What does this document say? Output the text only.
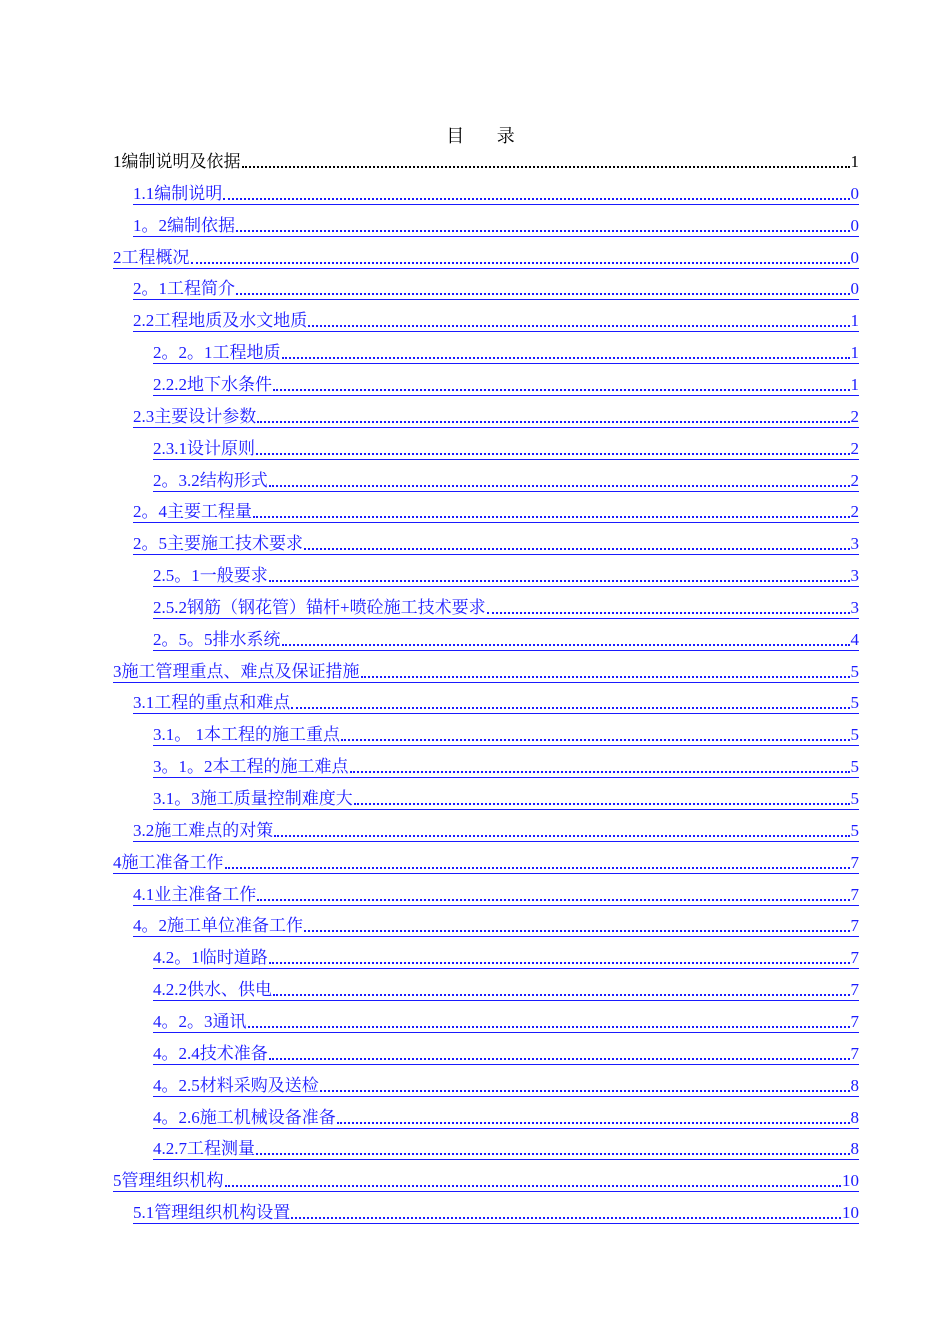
目 录
1编制说明及依据	1
1.1编制说明	0
1。2编制依据	0
2工程概况	0
2。1工程简介	0
2.2工程地质及水文地质	1
2。2。1工程地质	1
2.2.2地下水条件	1
2.3主要设计参数	2
2.3.1设计原则	2
2。3.2结构形式	2
2。4主要工程量	2
2。5主要施工技术要求	3
2.5。1一般要求	3
2.5.2钢筋（钢花管）锚杆+喷砼施工技术要求	3
2。5。5排水系统	4
3施工管理重点、难点及保证措施	5
3.1工程的重点和难点	5
3.1。 1本工程的施工重点	5
3。1。2本工程的施工难点	5
3.1。3施工质量控制难度大	5
3.2施工难点的对策	5
4施工准备工作	7
4.1业主准备工作	7
4。2施工单位准备工作	7
4.2。1临时道路	7
4.2.2供水、供电	7
4。2。3通讯	7
4。2.4技术准备	7
4。2.5材料采购及送检	8
4。2.6施工机械设备准备	8
4.2.7工程测量	8
5管理组织机构	10
5.1管理组织机构设置	10
